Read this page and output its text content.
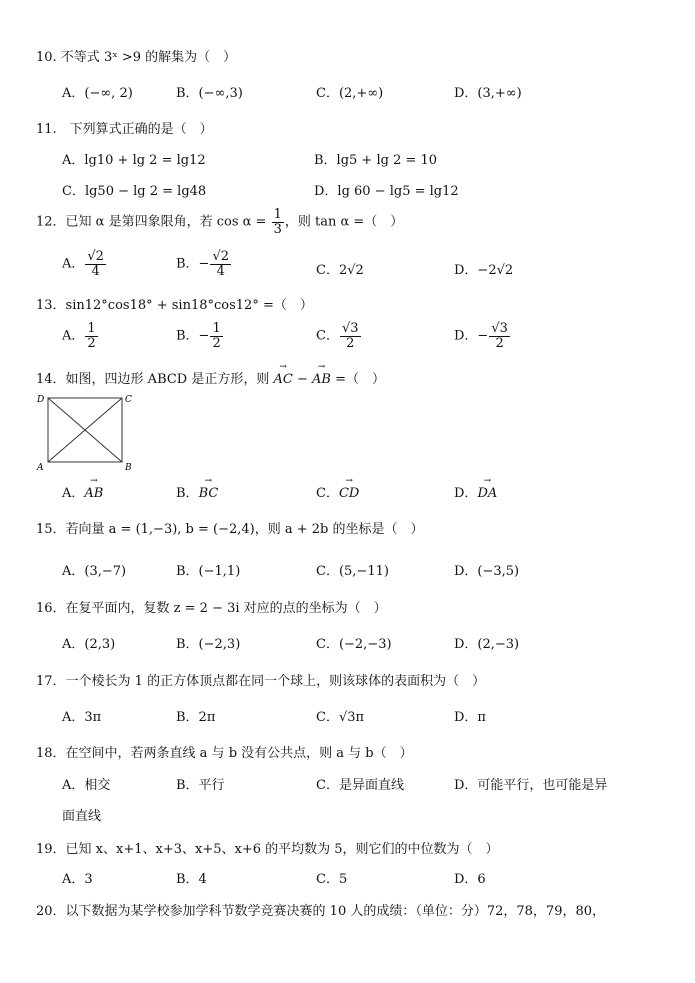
10. 不等式 3ˣ >9 的解集为（　）
A．(−∞, 2)	B．(−∞,3)	C．(2,+∞)	D．(3,+∞)
11.　下列算式正确的是（　）
A．lg10 + lg 2 = lg12	B．lg5 + lg 2 = 10
C．lg50 − lg 2 = lg48	D．lg 60 − lg5 = lg12
12．已知 α 是第四象限角，若 $\cos \alpha = \frac{1}{3}$ ，则 tan α =（　）
A． $\frac{√2}{4}$	B．− $\frac{√2}{4}$	C．2√2	D．−2√2
13．sin12°cos18° + sin18°cos12° =（　）
A． $\frac{1}{2}$	B．− $\frac{1}{2}$	C． $\frac{√3}{2}$	D．− $\frac{√3}{2}$
14．如图，四边形 ABCD 是正方形，则 → AC − → AB =（　）
D	C
A	B
A．→ AB	B．→ BC	C．→ CD	D．→ DA
15．若向量 a = (1,−3), b = (−2,4)，则 a + 2b 的坐标是（　）
A．(3,−7)	B．(−1,1)	C．(5,−11)	D．(−3,5)
16．在复平面内，复数 z = 2 − 3i 对应的点的坐标为（　）
A．(2,3)	B．(−2,3)	C．(−2,−3)	D．(2,−3)
17．一个棱长为 1 的正方体顶点都在同一个球上，则该球体的表面积为（　）
A．3π	B．2π	C．√3π	D．π
18．在空间中，若两条直线 a 与 b 没有公共点，则 a 与 b（　）
A．相交	B．平行	C．是异面直线	D．可能平行，也可能是异
面直线
19．已知 x、x+1、x+3、x+5、x+6 的平均数为 5，则它们的中位数为（　）
A．3	B．4	C．5	D．6
20．以下数据为某学校参加学科节数学竞赛决赛的 10 人的成绩：（单位：分）72，78，79，80，
